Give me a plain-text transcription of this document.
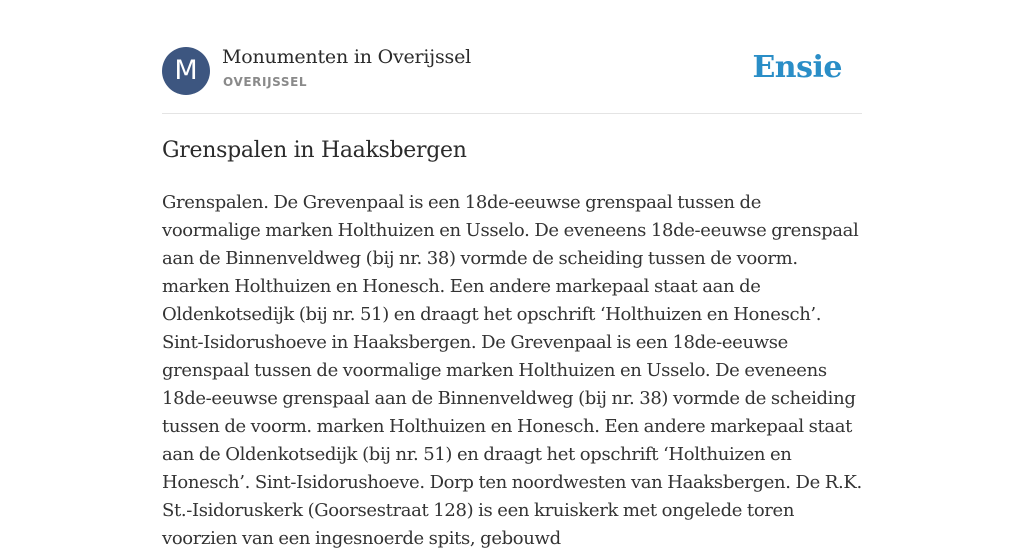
M	Monumenten in Overijssel
OVERIJSSEL	Ensie
Grenspalen in Haaksbergen

Grenspalen. De Grevenpaal is een 18de-eeuwse grenspaal tussen de voormalige marken Holthuizen en Usselo. De eveneens 18de-eeuwse grenspaal aan de Binnenveldweg (bij nr. 38) vormde de scheiding tussen de voorm. marken Holthuizen en Honesch. Een andere markepaal staat aan de Oldenkotsedijk (bij nr. 51) en draagt het opschrift ‘Holthuizen en Honesch’. Sint-Isidorushoeve in Haaksbergen. De Grevenpaal is een 18de-eeuwse grenspaal tussen de voormalige marken Holthuizen en Usselo. De eveneens 18de-eeuwse grenspaal aan de Binnenveldweg (bij nr. 38) vormde de scheiding tussen de voorm. marken Holthuizen en Honesch. Een andere markepaal staat aan de Oldenkotsedijk (bij nr. 51) en draagt het opschrift ‘Holthuizen en Honesch’. Sint-Isidorushoeve. Dorp ten noordwesten van Haaksbergen. De R.K. St.-Isidoruskerk (Goorsestraat 128) is een kruiskerk met ongelede toren voorzien van een ingesnoerde spits, gebouwd
